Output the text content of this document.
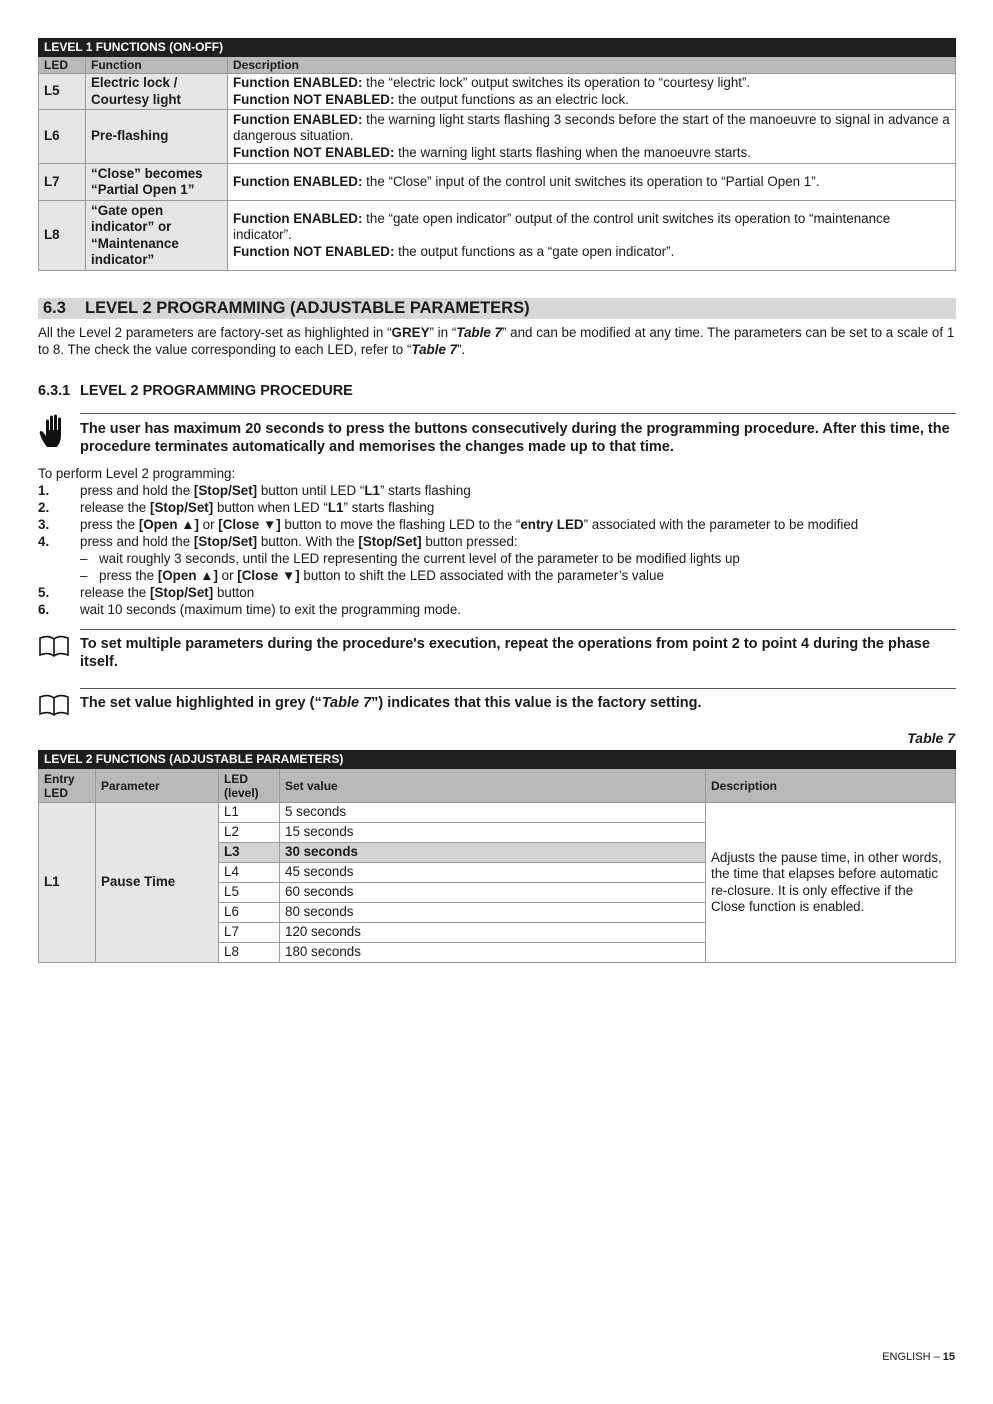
LEVEL 1 FUNCTIONS (ON-OFF)		
LED	Function	Description
L5	Electric lock / Courtesy light	Function ENABLED: the “electric lock” output switches its operation to “courtesy light”.
Function NOT ENABLED: the output functions as an electric lock.
L6	Pre-flashing	Function ENABLED: the warning light starts flashing 3 seconds before the start of the manoeuvre to signal in advance a dangerous situation.
Function NOT ENABLED: the warning light starts flashing when the manoeuvre starts.
L7	“Close” becomes “Partial Open 1”	Function ENABLED: the “Close” input of the control unit switches its operation to “Partial Open 1”.
L8	“Gate open indicator” or “Maintenance indicator”	Function ENABLED: the “gate open indicator” output of the control unit switches its operation to “maintenance indicator”.
Function NOT ENABLED: the output functions as a “gate open indicator”.
6.3 LEVEL 2 PROGRAMMING (ADJUSTABLE PARAMETERS)
All the Level 2 parameters are factory-set as highlighted in “GREY” in “Table 7” and can be modified at any time. The parameters can be set to a scale of 1 to 8. The check the value corresponding to each LED, refer to “Table 7”.
6.3.1 LEVEL 2 PROGRAMMING PROCEDURE
The user has maximum 20 seconds to press the buttons consecutively during the programming procedure. After this time, the procedure terminates automatically and memorises the changes made up to that time.
To perform Level 2 programming:
1. press and hold the [Stop/Set] button until LED “L1” starts flashing
2. release the [Stop/Set] button when LED “L1” starts flashing
3. press the [Open ▲] or [Close ▼] button to move the flashing LED to the “entry LED” associated with the parameter to be modified
4. press and hold the [Stop/Set] button. With the [Stop/Set] button pressed:
– wait roughly 3 seconds, until the LED representing the current level of the parameter to be modified lights up
– press the [Open ▲] or [Close ▼] button to shift the LED associated with the parameter’s value
5. release the [Stop/Set] button
6. wait 10 seconds (maximum time) to exit the programming mode.
To set multiple parameters during the procedure's execution, repeat the operations from point 2 to point 4 during the phase itself.
The set value highlighted in grey (“Table 7”) indicates that this value is the factory setting.
Table 7
LEVEL 2 FUNCTIONS (ADJUSTABLE PARAMETERS)				
Entry LED	Parameter	LED (level)	Set value	Description
L1	Pause Time	L1	5 seconds	Adjusts the pause time, in other words, the time that elapses before automatic re-closure. It is only effective if the Close function is enabled.
		L2	15 seconds	
		L3	30 seconds	
		L4	45 seconds	
		L5	60 seconds	
		L6	80 seconds	
		L7	120 seconds	
		L8	180 seconds	
ENGLISH – 15
